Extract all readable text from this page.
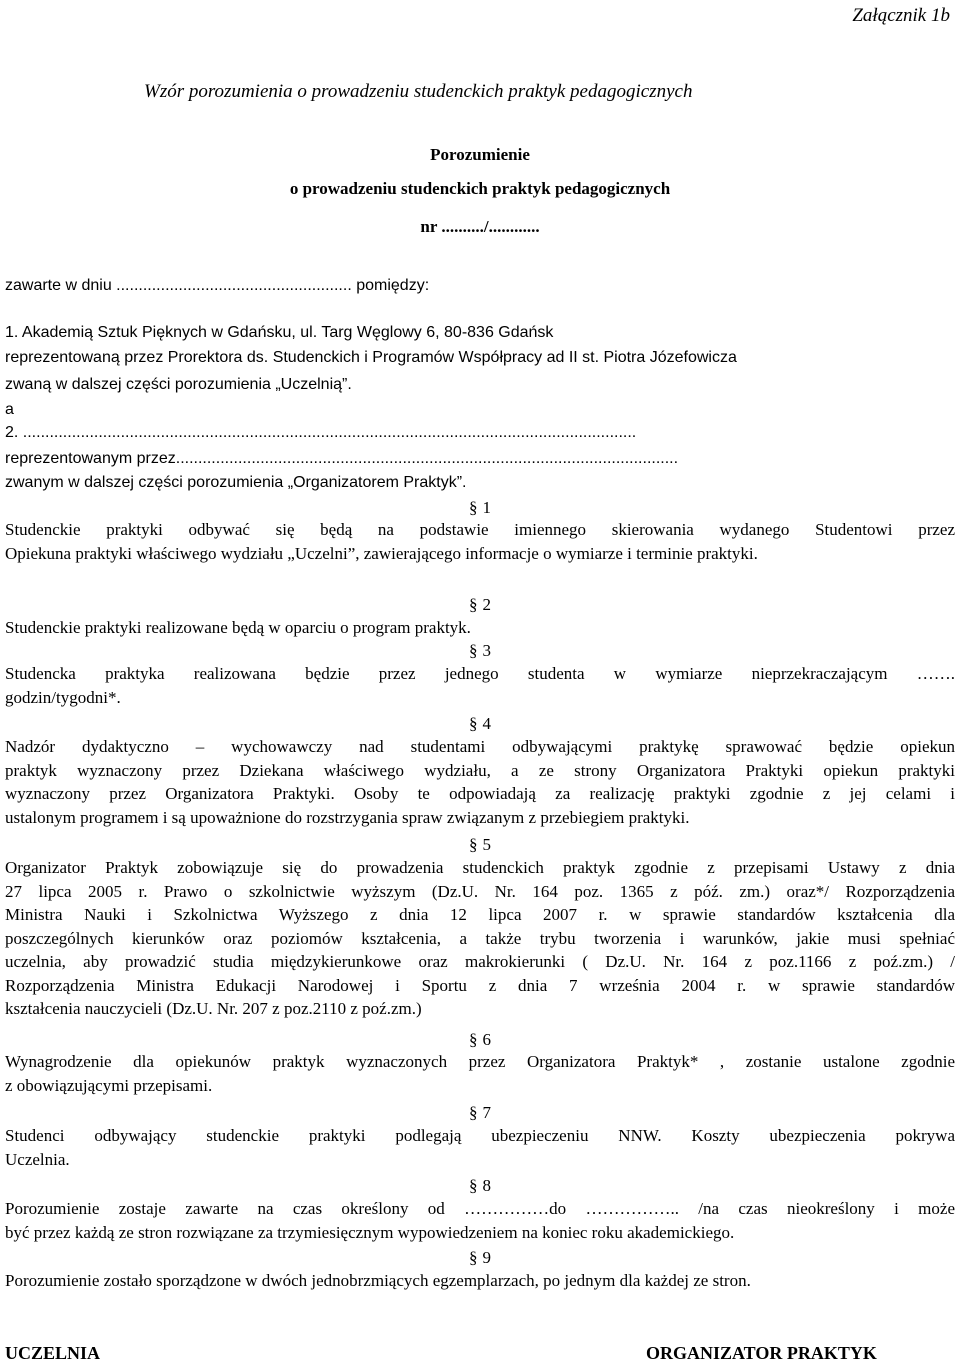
Załącznik 1b
Wzór porozumienia o prowadzeniu studenckich praktyk pedagogicznych
Porozumienie
o prowadzeniu studenckich praktyk pedagogicznych
nr ........../............
zawarte w dniu ..................................................... pomiędzy:
1. Akademią Sztuk Pięknych w Gdańsku, ul. Targ Węglowy 6, 80-836 Gdańsk
reprezentowaną przez Prorektora ds. Studenckich i Programów Współpracy ad II st. Piotra Józefowicza
zwaną w dalszej części porozumienia „Uczelnią”.
a
2. ..........................................................................................................................................
reprezentowanym przez.................................................................................................................
zwanym w dalszej części porozumienia „Organizatorem Praktyk”.
§ 1
Studenckie praktyki odbywać się będą na podstawie imiennego skierowania wydanego Studentowi przez
Opiekuna praktyki właściwego wydziału „Uczelni”, zawierającego informacje o wymiarze i terminie praktyki.
§ 2
Studenckie praktyki realizowane będą w oparciu o program praktyk.
§ 3
Studencka praktyka realizowana będzie przez jednego studenta w wymiarze nieprzekraczającym …….
godzin/tygodni*.
§ 4
Nadzór dydaktyczno – wychowawczy nad studentami odbywającymi praktykę sprawować będzie opiekun
praktyk wyznaczony przez Dziekana właściwego wydziału, a ze strony Organizatora Praktyki opiekun praktyki
wyznaczony przez Organizatora Praktyki. Osoby te odpowiadają za realizację praktyki zgodnie z jej celami i
ustalonym programem i są upoważnione do rozstrzygania spraw związanym z przebiegiem praktyki.
§ 5
Organizator Praktyk zobowiązuje się do prowadzenia studenckich praktyk zgodnie z przepisami Ustawy z dnia
27 lipca 2005 r. Prawo o szkolnictwie wyższym (Dz.U. Nr. 164 poz. 1365 z póź. zm.) oraz*/ Rozporządzenia
Ministra Nauki i Szkolnictwa Wyższego z dnia 12 lipca 2007 r. w sprawie standardów kształcenia dla
poszczególnych kierunków oraz poziomów kształcenia, a także trybu tworzenia i warunków, jakie musi spełniać
uczelnia, aby prowadzić studia międzykierunkowe oraz makrokierunki ( Dz.U. Nr. 164 z poz.1166 z poź.zm.) /
Rozporządzenia Ministra Edukacji Narodowej i Sportu z dnia 7 września 2004 r. w sprawie standardów
kształcenia nauczycieli (Dz.U. Nr. 207 z poz.2110 z poź.zm.)
§ 6
Wynagrodzenie dla opiekunów praktyk wyznaczonych przez Organizatora Praktyk* , zostanie ustalone zgodnie
z obowiązującymi przepisami.
§ 7
Studenci odbywający studenckie praktyki podlegają ubezpieczeniu NNW. Koszty ubezpieczenia pokrywa
Uczelnia.
§ 8
Porozumienie zostaje zawarte na czas określony od ……………do …………….. /na czas nieokreślony i może
być przez każdą ze stron rozwiązane za trzymiesięcznym wypowiedzeniem na koniec roku akademickiego.
§ 9
Porozumienie zostało sporządzone w dwóch jednobrzmiących egzemplarzach, po jednym dla każdej ze stron.
UCZELNIA	ORGANIZATOR PRAKTYK
